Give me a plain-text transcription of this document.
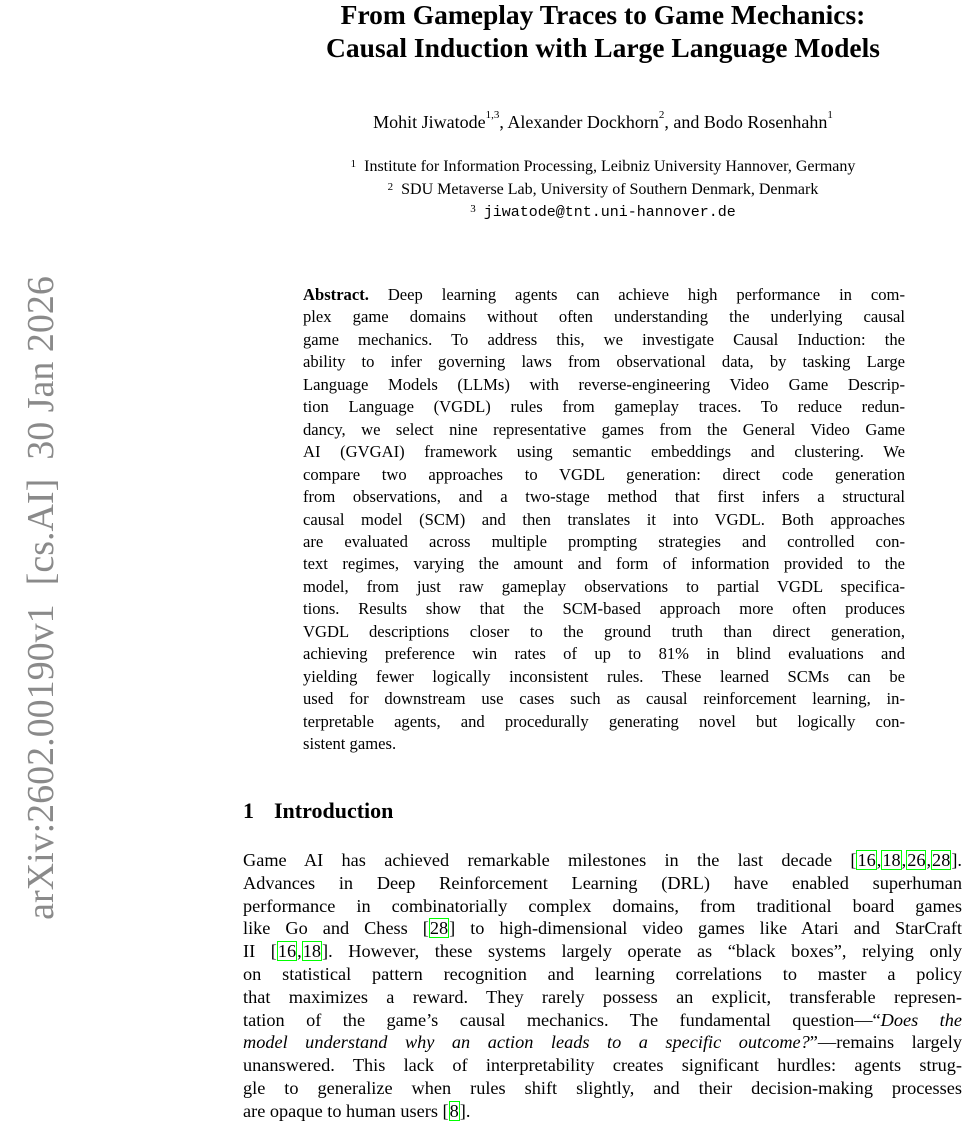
arXiv:2602.00190v1  [cs.AI]  30 Jan 2026
From Gameplay Traces to Game Mechanics:
Causal Induction with Large Language Models
Mohit Jiwatode$^{1,3}$, Alexander Dockhorn$^2$, and Bodo Rosenhahn$^1$
$^1$ Institute for Information Processing, Leibniz University Hannover, Germany
$^2$ SDU Metaverse Lab, University of Southern Denmark, Denmark
$^3$ jiwatode@tnt.uni-hannover.de
Abstract. Deep learning agents can achieve high performance in com-
plex game domains without often understanding the underlying causal
game mechanics. To address this, we investigate Causal Induction: the
ability to infer governing laws from observational data, by tasking Large
Language Models (LLMs) with reverse-engineering Video Game Descrip-
tion Language (VGDL) rules from gameplay traces. To reduce redun-
dancy, we select nine representative games from the General Video Game
AI (GVGAI) framework using semantic embeddings and clustering. We
compare two approaches to VGDL generation: direct code generation
from observations, and a two-stage method that first infers a structural
causal model (SCM) and then translates it into VGDL. Both approaches
are evaluated across multiple prompting strategies and controlled con-
text regimes, varying the amount and form of information provided to the
model, from just raw gameplay observations to partial VGDL specifica-
tions. Results show that the SCM-based approach more often produces
VGDL descriptions closer to the ground truth than direct generation,
achieving preference win rates of up to 81% in blind evaluations and
yielding fewer logically inconsistent rules. These learned SCMs can be
used for downstream use cases such as causal reinforcement learning, in-
terpretable agents, and procedurally generating novel but logically con-
sistent games.
1 Introduction
Game AI has achieved remarkable milestones in the last decade [16,18,26,28].
Advances in Deep Reinforcement Learning (DRL) have enabled superhuman
performance in combinatorially complex domains, from traditional board games
like Go and Chess [28] to high-dimensional video games like Atari and StarCraft
II [16,18]. However, these systems largely operate as “black boxes”, relying only
on statistical pattern recognition and learning correlations to master a policy
that maximizes a reward. They rarely possess an explicit, transferable represen-
tation of the game’s causal mechanics. The fundamental question—“Does the
model understand why an action leads to a specific outcome?”—remains largely
unanswered. This lack of interpretability creates significant hurdles: agents strug-
gle to generalize when rules shift slightly, and their decision-making processes
are opaque to human users [8].
